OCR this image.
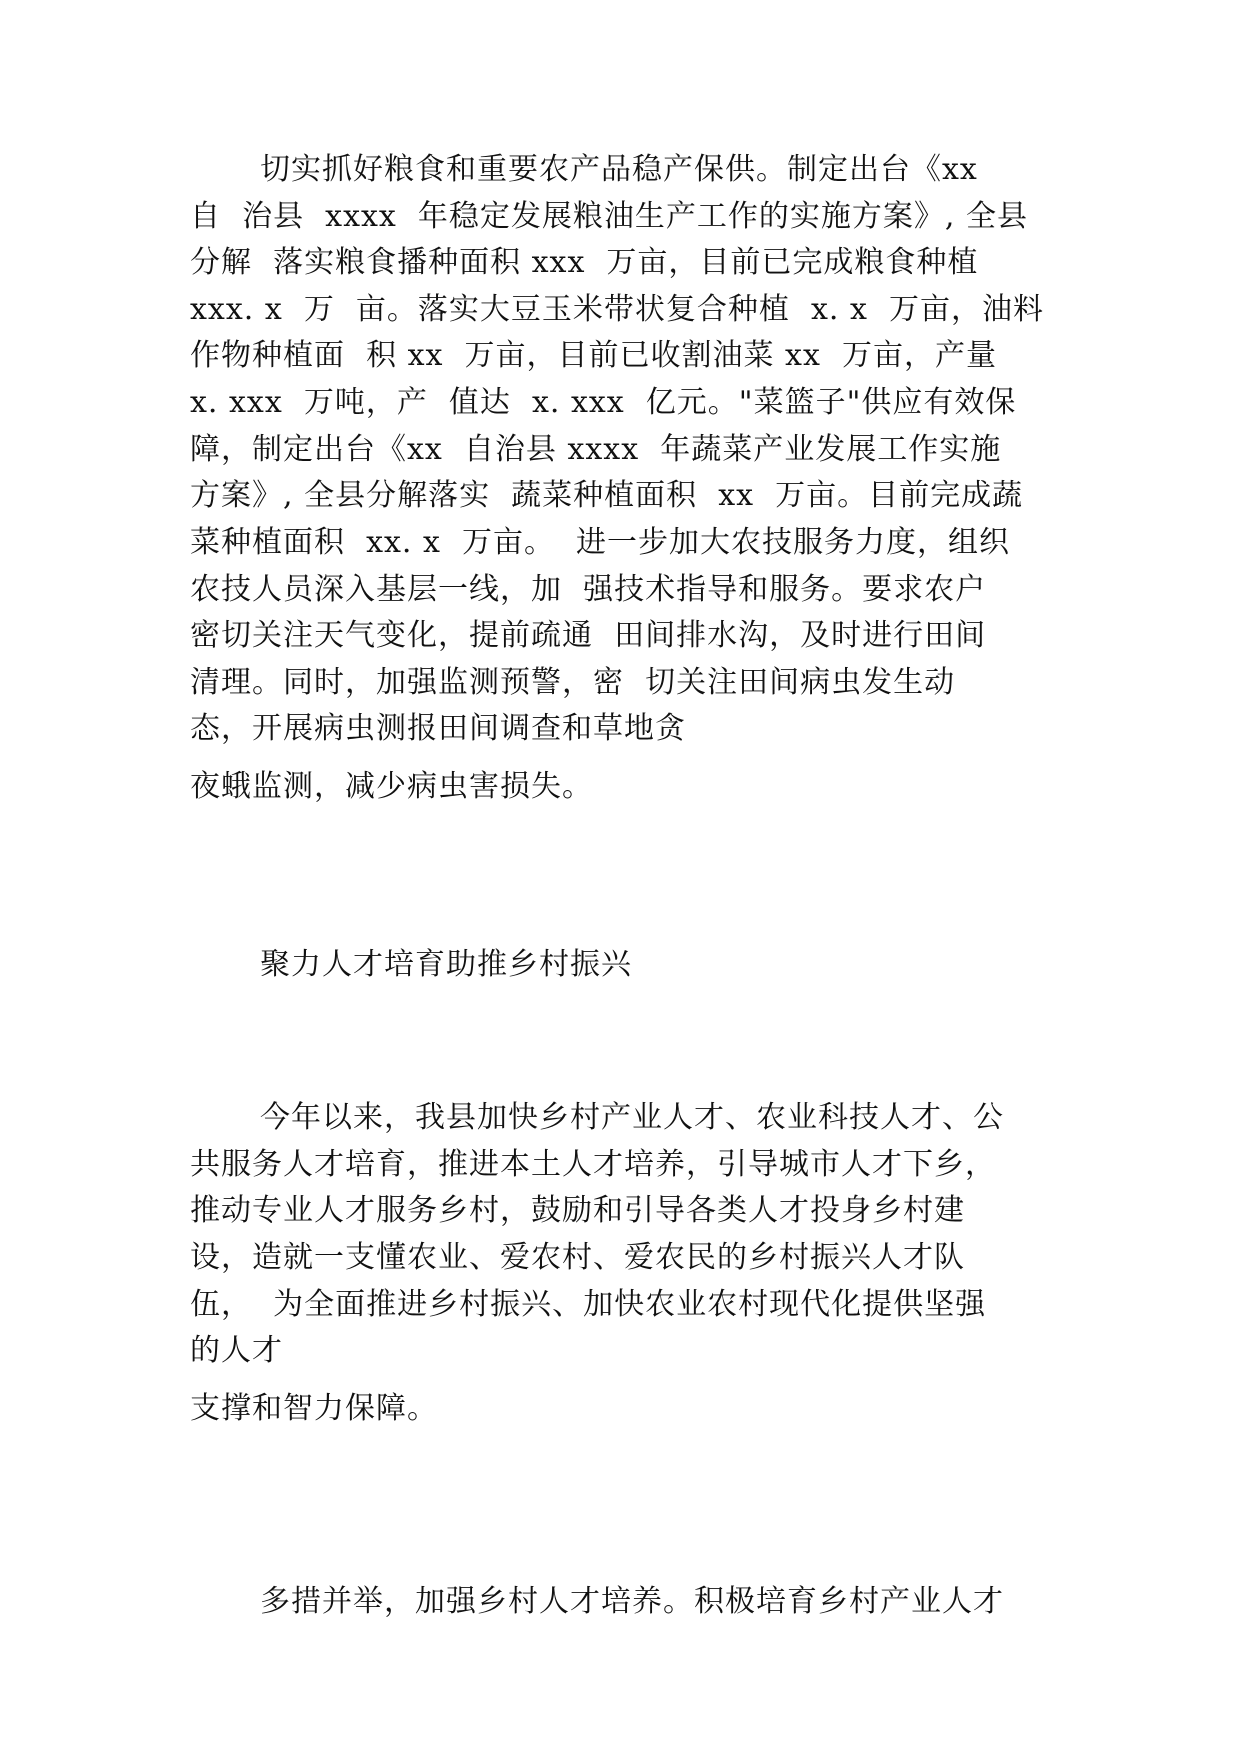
切实抓好粮食和重要农产品稳产保供。制定出台《xx
自  治县  xxxx  年稳定发展粮油生产工作的实施方案》, 全县
分解  落实粮食播种面积 xxx  万亩，目前已完成粮食种植
xxx. x  万  亩。落实大豆玉米带状复合种植  x. x  万亩，油料
作物种植面  积 xx  万亩，目前已收割油菜 xx  万亩，产量
x. xxx  万吨，产  值达  x. xxx  亿元。"菜篮子"供应有效保
障，制定出台《xx  自治县 xxxx  年蔬菜产业发展工作实施
方案》, 全县分解落实  蔬菜种植面积  xx  万亩。目前完成蔬
菜种植面积  xx. x  万亩。  进一步加大农技服务力度，组织
农技人员深入基层一线，加  强技术指导和服务。要求农户
密切关注天气变化，提前疏通  田间排水沟，及时进行田间
清理。同时，加强监测预警，密  切关注田间病虫发生动
态，开展病虫测报田间调查和草地贪
夜蛾监测，减少病虫害损失。
聚力人才培育助推乡村振兴
今年以来，我县加快乡村产业人才、农业科技人才、公
共服务人才培育，推进本土人才培养，引导城市人才下乡，
推动专业人才服务乡村，鼓励和引导各类人才投身乡村建
设，造就一支懂农业、爱农村、爱农民的乡村振兴人才队
伍，  为全面推进乡村振兴、加快农业农村现代化提供坚强
的人才
支撑和智力保障。
多措并举，加强乡村人才培养。积极培育乡村产业人才
